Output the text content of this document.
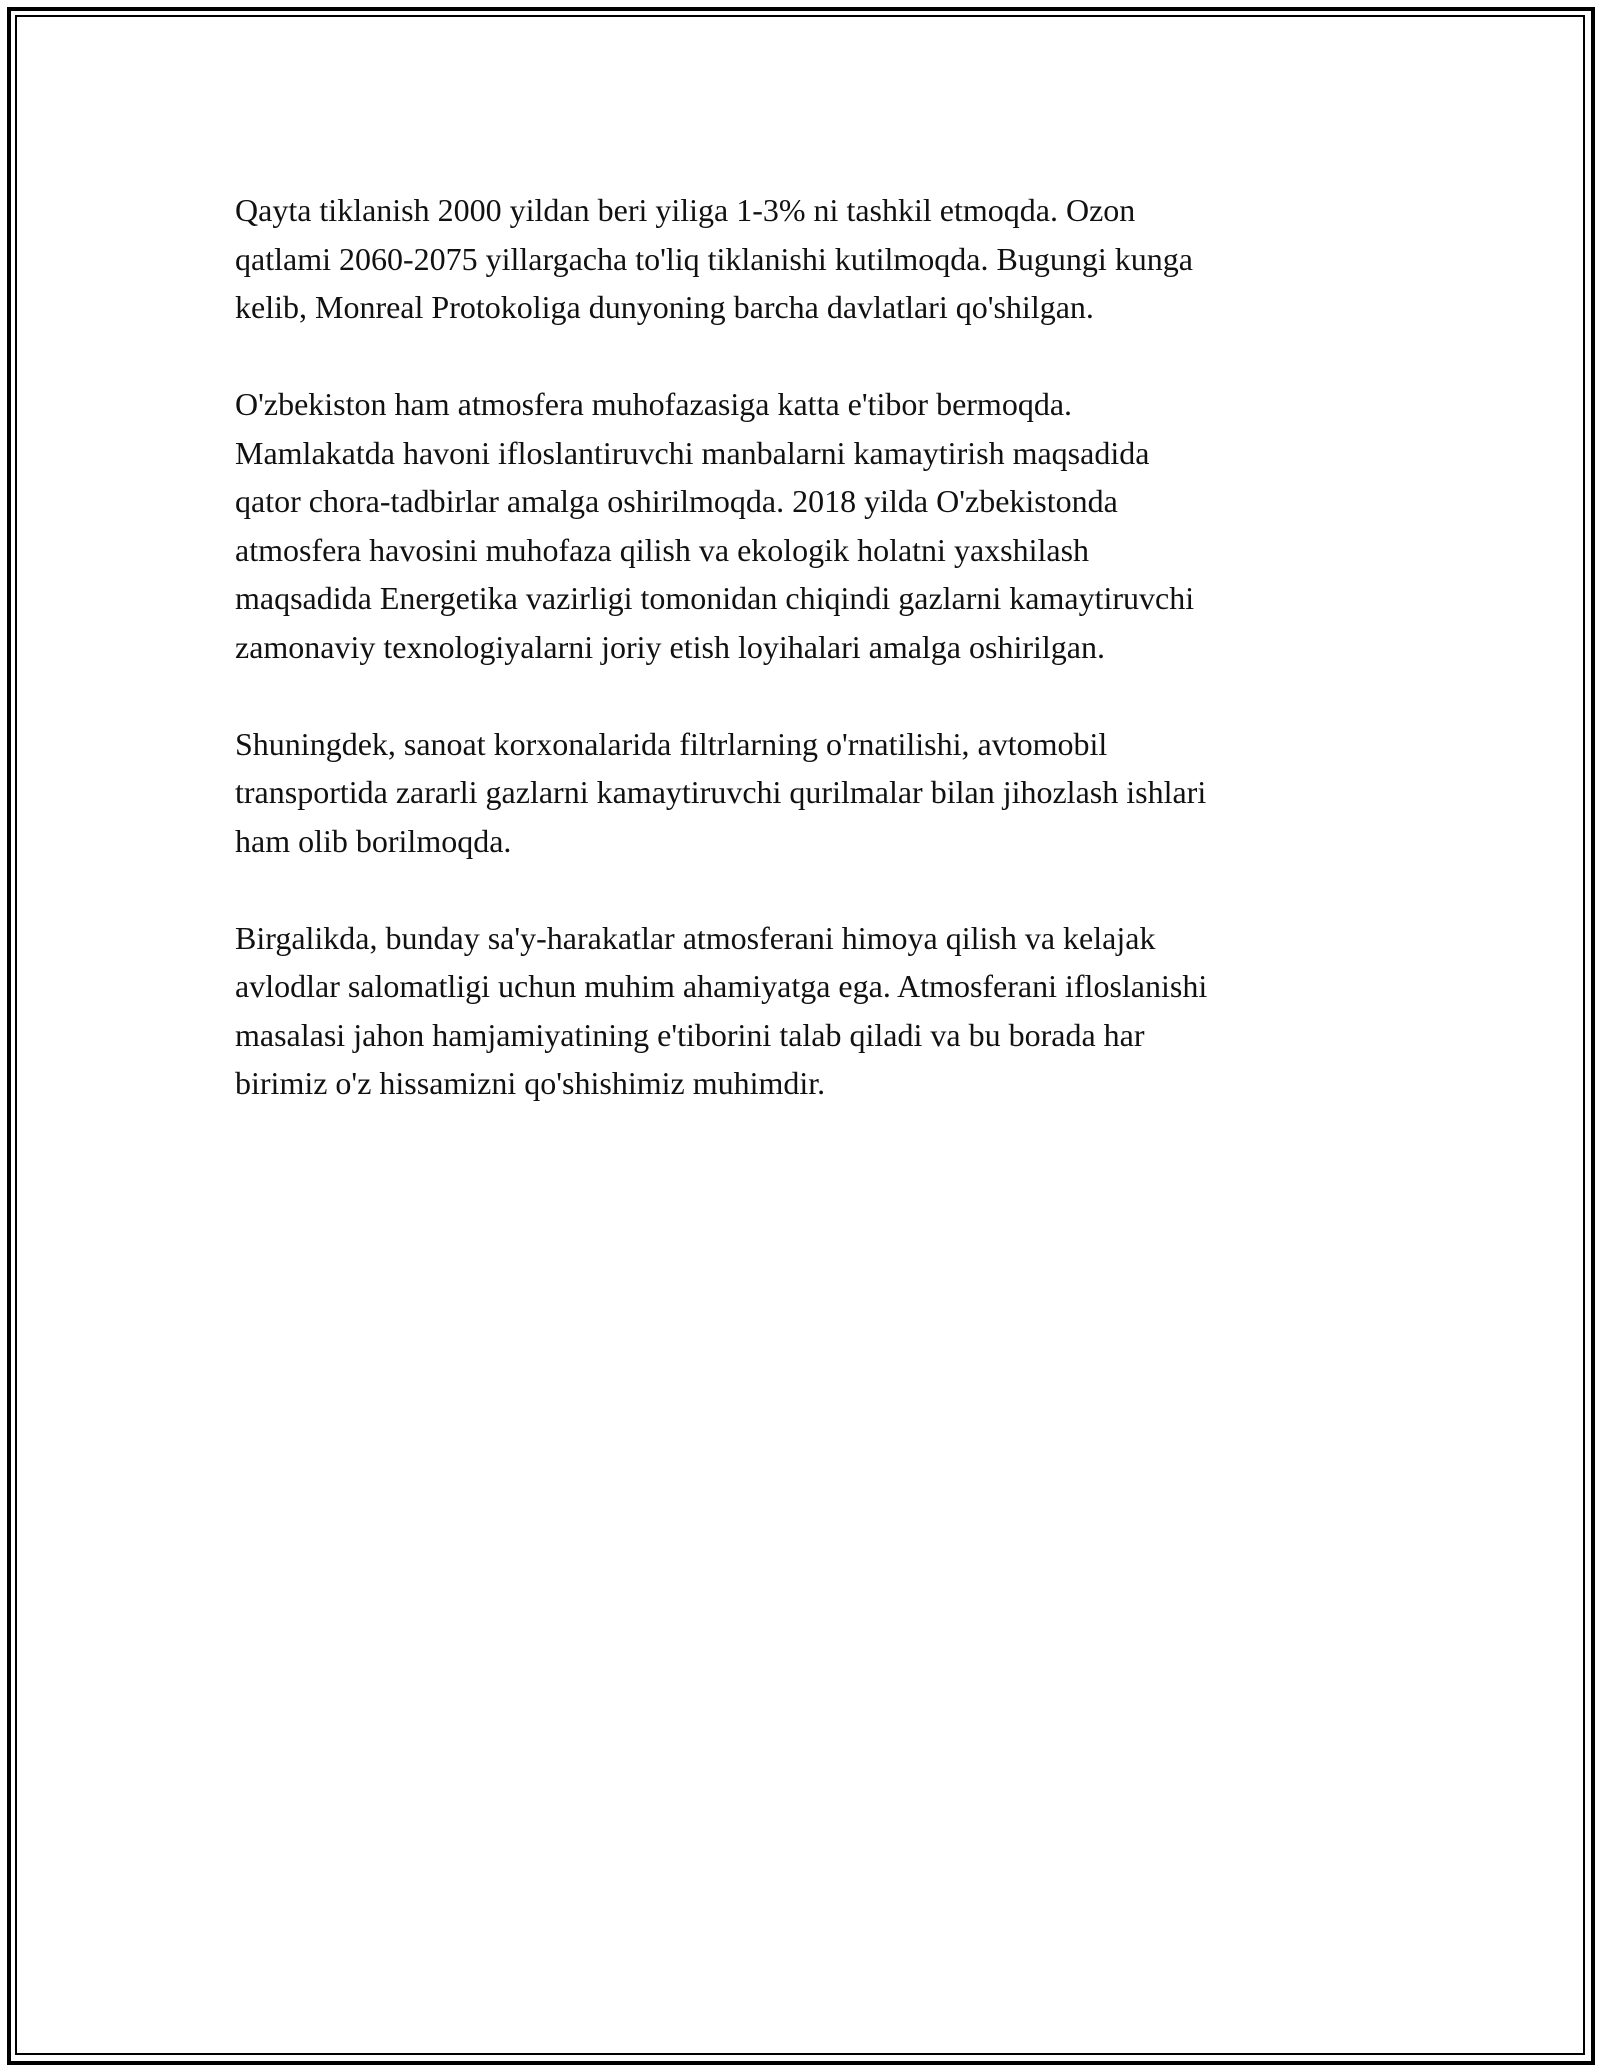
Qayta tiklanish 2000 yildan beri yiliga 1-3% ni tashkil etmoqda. Ozon
qatlami 2060-2075 yillargacha to'liq tiklanishi kutilmoqda. Bugungi kunga
kelib, Monreal Protokoliga dunyoning barcha davlatlari qo'shilgan.

O'zbekiston ham atmosfera muhofazasiga katta e'tibor bermoqda.
Mamlakatda havoni ifloslantiruvchi manbalarni kamaytirish maqsadida
qator chora-tadbirlar amalga oshirilmoqda. 2018 yilda O'zbekistonda
atmosfera havosini muhofaza qilish va ekologik holatni yaxshilash
maqsadida Energetika vazirligi tomonidan chiqindi gazlarni kamaytiruvchi
zamonaviy texnologiyalarni joriy etish loyihalari amalga oshirilgan.

Shuningdek, sanoat korxonalarida filtrlarning o'rnatilishi, avtomobil
transportida zararli gazlarni kamaytiruvchi qurilmalar bilan jihozlash ishlari
ham olib borilmoqda.

Birgalikda, bunday sa'y-harakatlar atmosferani himoya qilish va kelajak
avlodlar salomatligi uchun muhim ahamiyatga ega. Atmosferani ifloslanishi
masalasi jahon hamjamiyatining e'tiborini talab qiladi va bu borada har
birimiz o'z hissamizni qo'shishimiz muhimdir.
